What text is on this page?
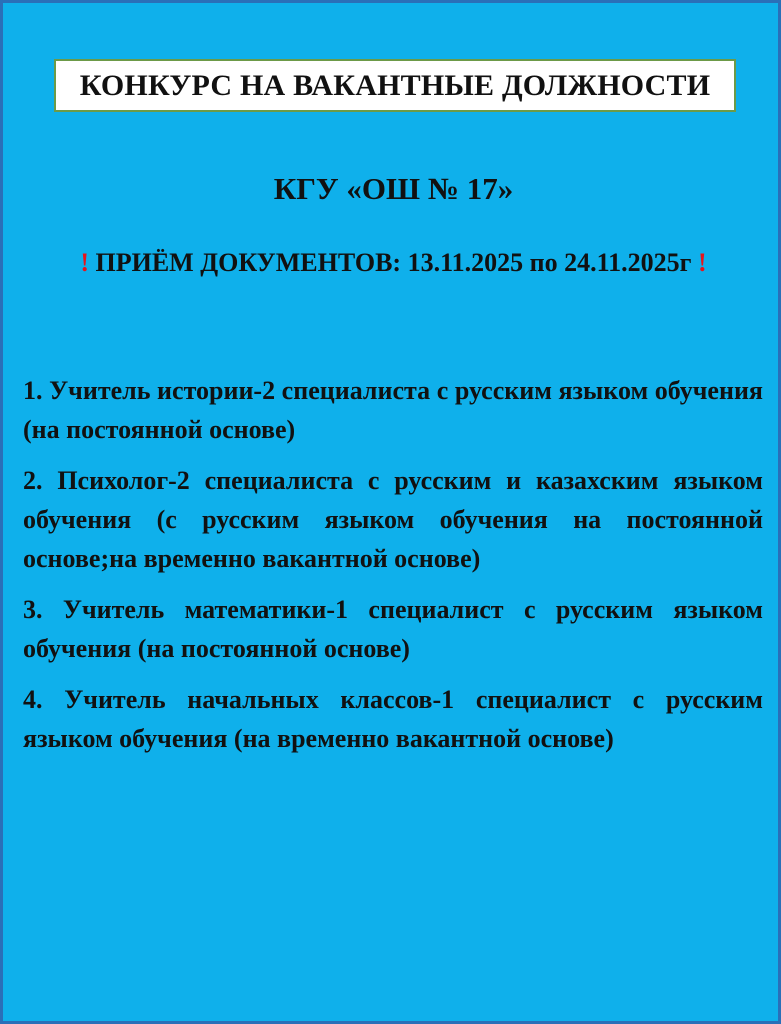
КОНКУРС НА ВАКАНТНЫЕ ДОЛЖНОСТИ
КГУ «ОШ № 17»
! ПРИЁМ ДОКУМЕНТОВ: 13.11.2025 по 24.11.2025г !

1. Учитель истории-2 специалиста с русским языком обучения (на постоянной основе)

2. Психолог-2 специалиста с русским и казахским языком обучения (с русским языком обучения на постоянной основе;на временно вакантной основе)

3. Учитель математики-1 специалист с русским языком обучения (на постоянной основе)

4. Учитель начальных классов-1 специалист с русским языком обучения (на временно вакантной основе)
